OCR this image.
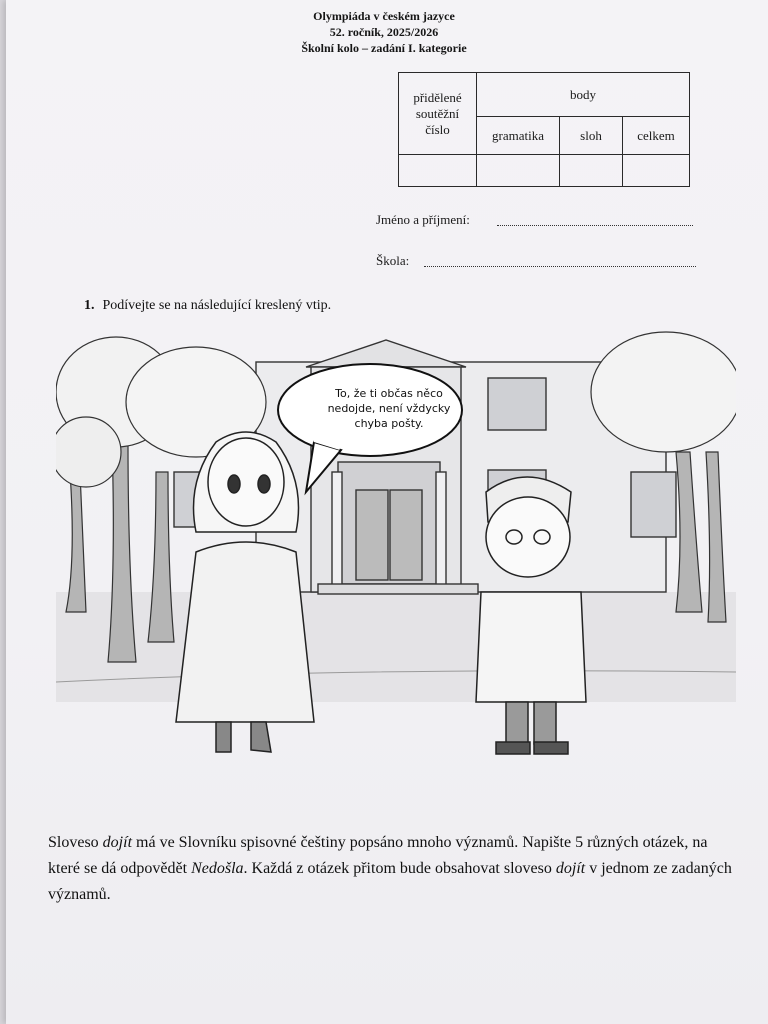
Olympiáda v českém jazyce
52. ročník, 2025/2026
Školní kolo – zadání I. kategorie
přidělené
soutěžní
číslo	body		
	gramatika	sloh	celkem

Jméno a příjmení:
Škola:
1. Podívejte se na následující kreslený vtip.
To, že ti občas něco
nedojde, není vždycky
chyba pošty.
Sloveso dojít má ve Slovníku spisovné češtiny popsáno mnoho významů. Napište 5 různých otázek, na které se dá odpovědět Nedošla. Každá z otázek přitom bude obsahovat sloveso dojít v jednom ze zadaných významů.
